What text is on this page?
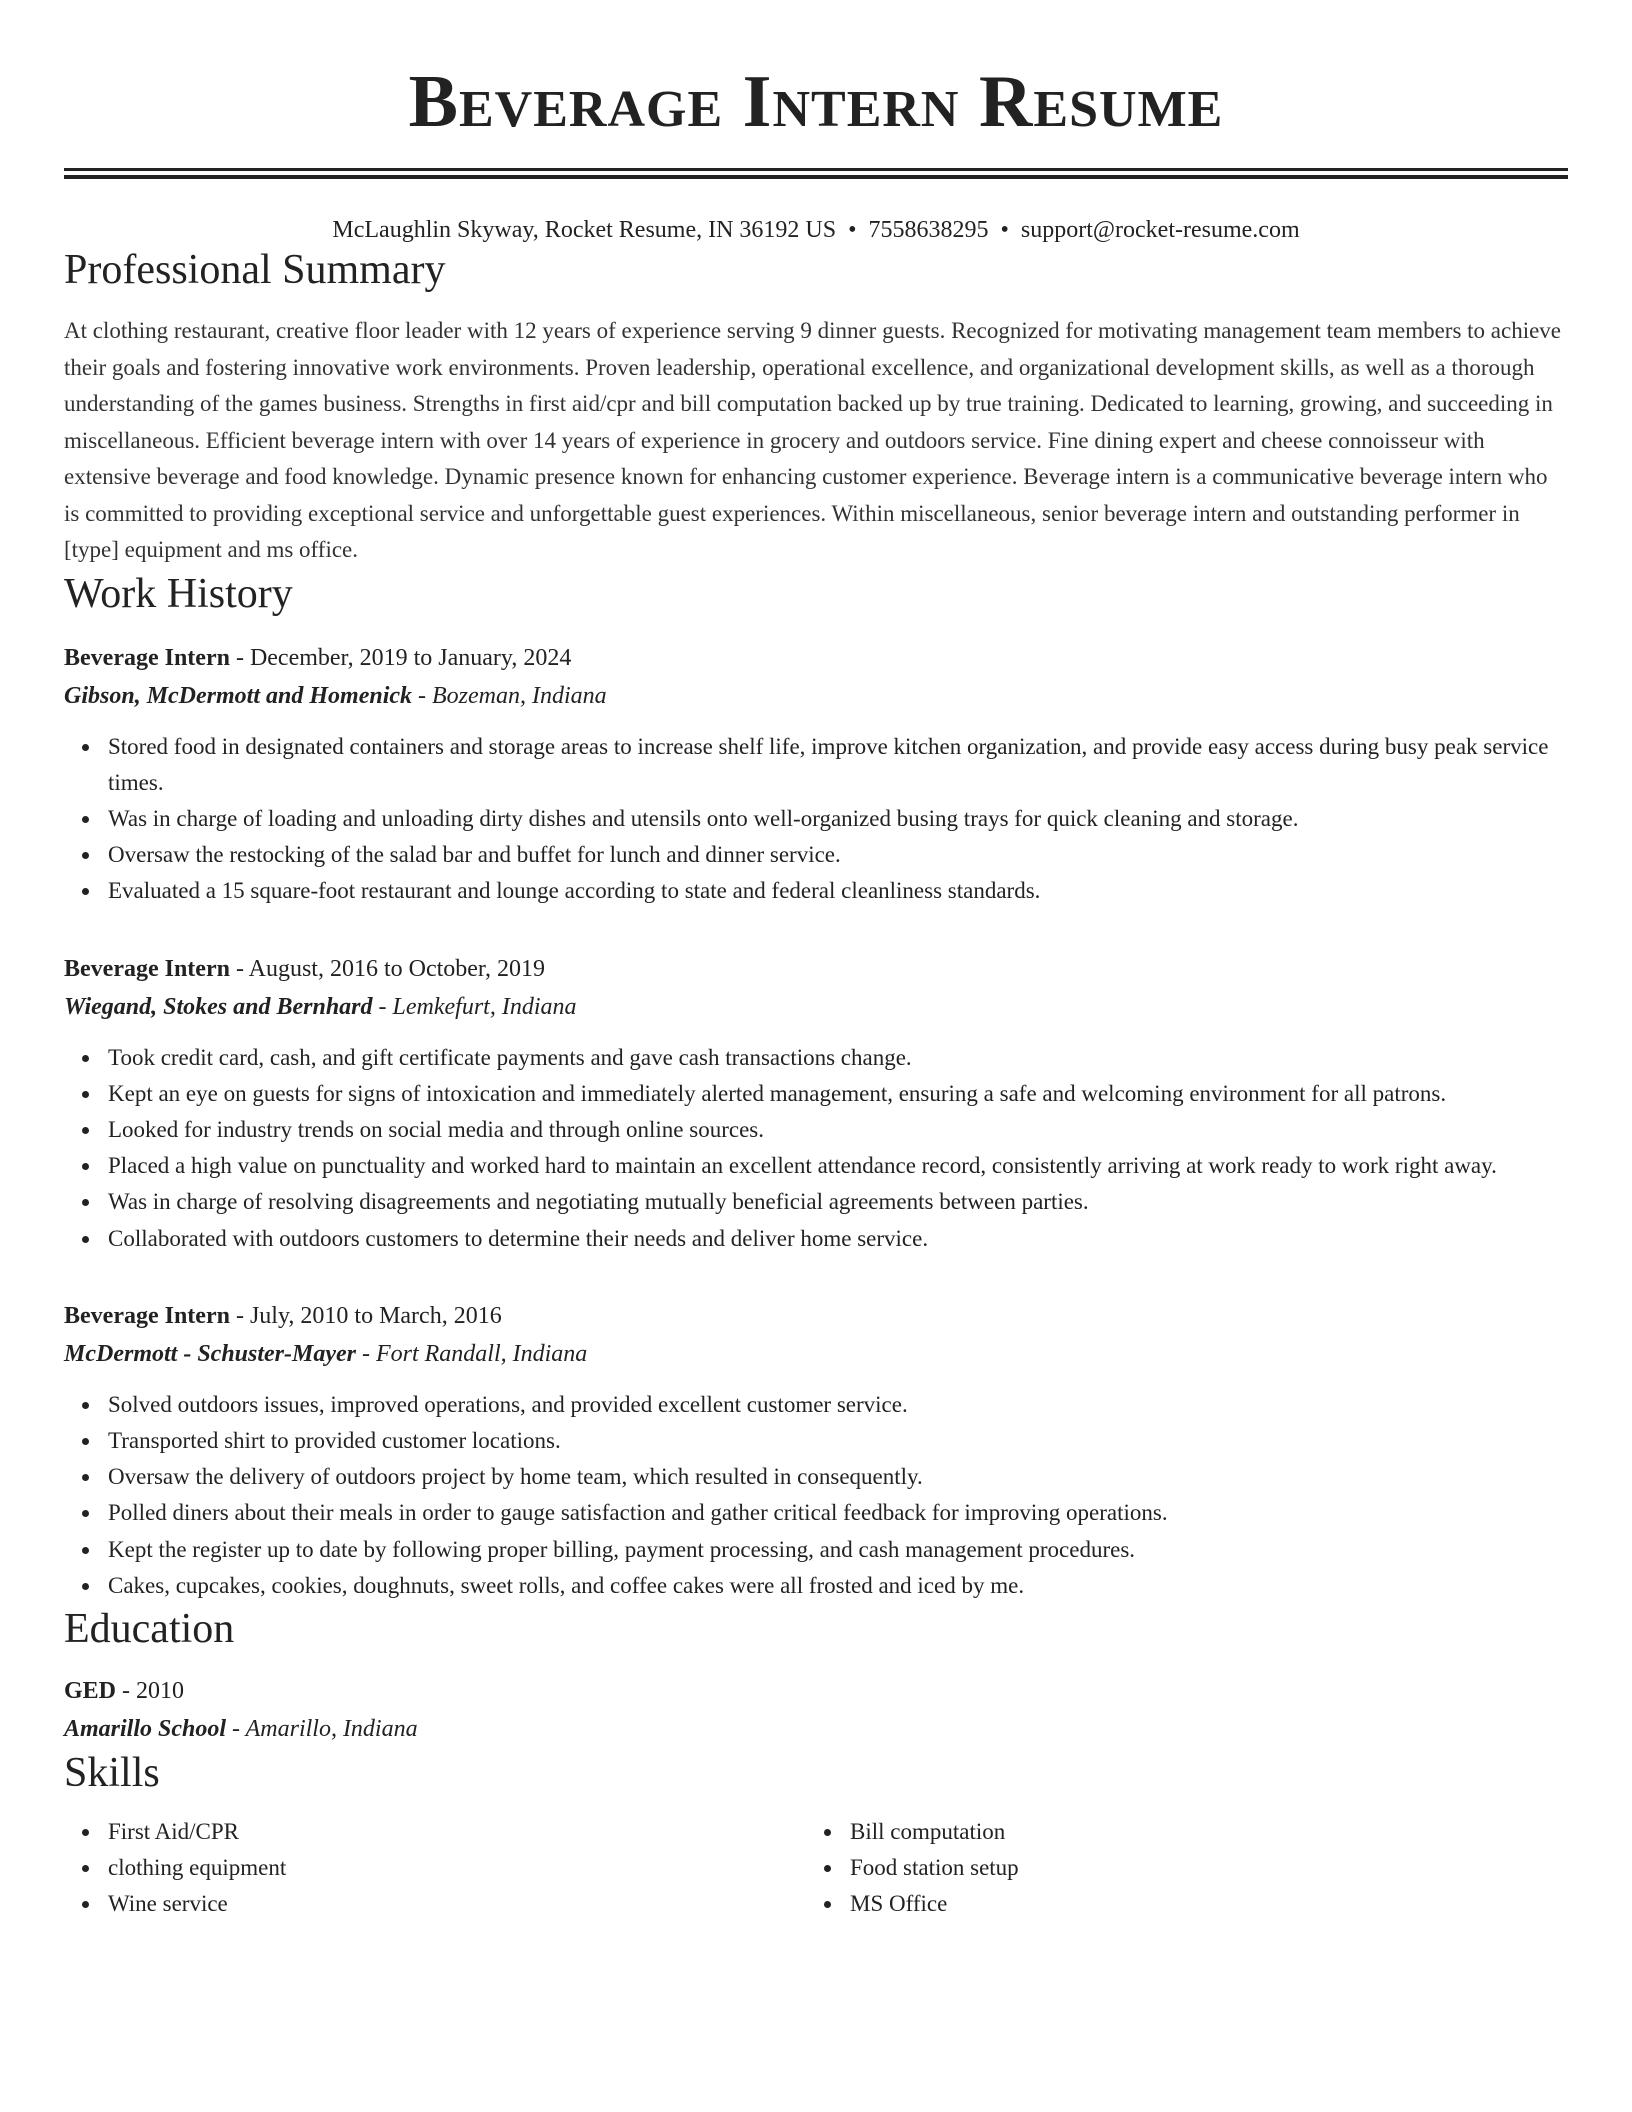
Beverage Intern Resume
McLaughlin Skyway, Rocket Resume, IN 36192 US • 7558638295 • support@rocket-resume.com
Professional Summary

At clothing restaurant, creative floor leader with 12 years of experience serving 9 dinner guests. Recognized for motivating management team members to achieve their goals and fostering innovative work environments. Proven leadership, operational excellence, and organizational development skills, as well as a thorough understanding of the games business. Strengths in first aid/cpr and bill computation backed up by true training. Dedicated to learning, growing, and succeeding in miscellaneous. Efficient beverage intern with over 14 years of experience in grocery and outdoors service. Fine dining expert and cheese connoisseur with extensive beverage and food knowledge. Dynamic presence known for enhancing customer experience. Beverage intern is a communicative beverage intern who is committed to providing exceptional service and unforgettable guest experiences. Within miscellaneous, senior beverage intern and outstanding performer in [type] equipment and ms office.

Work History
Beverage Intern - December, 2019 to January, 2024
Gibson, McDermott and Homenick - Bozeman, Indiana
Stored food in designated containers and storage areas to increase shelf life, improve kitchen organization, and provide easy access during busy peak service times.
Was in charge of loading and unloading dirty dishes and utensils onto well-organized busing trays for quick cleaning and storage.
Oversaw the restocking of the salad bar and buffet for lunch and dinner service.
Evaluated a 15 square-foot restaurant and lounge according to state and federal cleanliness standards.
Beverage Intern - August, 2016 to October, 2019
Wiegand, Stokes and Bernhard - Lemkefurt, Indiana
Took credit card, cash, and gift certificate payments and gave cash transactions change.
Kept an eye on guests for signs of intoxication and immediately alerted management, ensuring a safe and welcoming environment for all patrons.
Looked for industry trends on social media and through online sources.
Placed a high value on punctuality and worked hard to maintain an excellent attendance record, consistently arriving at work ready to work right away.
Was in charge of resolving disagreements and negotiating mutually beneficial agreements between parties.
Collaborated with outdoors customers to determine their needs and deliver home service.
Beverage Intern - July, 2010 to March, 2016
McDermott - Schuster-Mayer - Fort Randall, Indiana
Solved outdoors issues, improved operations, and provided excellent customer service.
Transported shirt to provided customer locations.
Oversaw the delivery of outdoors project by home team, which resulted in consequently.
Polled diners about their meals in order to gauge satisfaction and gather critical feedback for improving operations.
Kept the register up to date by following proper billing, payment processing, and cash management procedures.
Cakes, cupcakes, cookies, doughnuts, sweet rolls, and coffee cakes were all frosted and iced by me.
Education
GED - 2010
Amarillo School - Amarillo, Indiana
Skills
First Aid/CPR
clothing equipment
Wine service
Bill computation
Food station setup
MS Office
